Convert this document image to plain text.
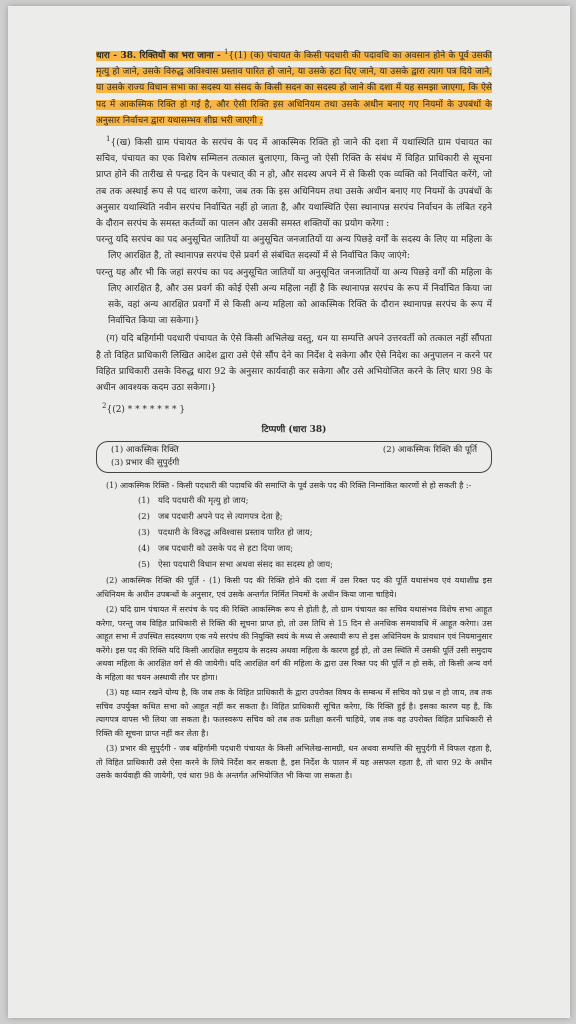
धारा - 38. रिक्तियों का भरा जाना - $^1${(1) (क) पंचायत के किसी पदधारी की पदावधि का अवसान होने के पूर्व उसकी मृत्यु हो जाने, उसके विरुद्ध अविश्वास प्रस्ताव पारित हो जाने, या उसके हटा दिए जाने, या उसके द्वारा त्याग पत्र दिये जाने, या उसके राज्य विधान सभा का सदस्य या संसद के किसी सदन का सदस्य हो जाने की दशा में यह समझा जाएगा, कि ऐसे पद में आकस्मिक रिक्ति हो गई है, और ऐसी रिक्ति इस अधिनियम तथा उसके अधीन बनाए गए नियमों के उपबंधों के अनुसार निर्वाचन द्वारा यथासम्भव शीघ्र भरी जाएगी ;

$^1${(ख) किसी ग्राम पंचायत के सरपंच के पद में आकस्मिक रिक्ति हो जाने की दशा में यथास्थिति ग्राम पंचायत का सचिव, पंचायत का एक विशेष सम्मिलन तत्काल बुलाएगा, किन्तु जो ऐसी रिक्ति के संबंध में विहित प्राधिकारी से सूचना प्राप्त होने की तारीख से पन्द्रह दिन के पश्चात् की न हो, और सदस्य अपने में से किसी एक व्यक्ति को निर्वाचित करेंगे, जो तब तक अस्थाई रूप से पद धारण करेगा, जब तक कि इस अधिनियम तथा उसके अधीन बनाए गए नियमों के उपबंधों के अनुसार यथास्थिति नवीन सरपंच निर्वाचित नहीं हो जाता है, और यथास्थिति ऐसा स्थानापन्न सरपंच निर्वाचन के लंबित रहने के दौरान सरपंच के समस्त कर्तव्यों का पालन और उसकी समस्त शक्तियों का प्रयोग करेगा :

परन्तु यदि सरपंच का पद अनुसूचित जातियों या अनुसूचित जनजातियों या अन्य पिछड़े वर्गों के सदस्य के लिए या महिला के लिए आरक्षित है, तो स्थानापन्न सरपंच ऐसे प्रवर्ग से संबंधित सदस्यों में से निर्वाचित किए जाएंगे:

परन्तु यह और भी कि जहां सरपंच का पद अनुसूचित जातियों या अनुसूचित जनजातियों या अन्य पिछड़े वर्गों की महिला के लिए आरक्षित है, और उस प्रवर्ग की कोई ऐसी अन्य महिला नहीं है कि स्थानापन्न सरपंच के रूप में निर्वाचित किया जा सके, वहां अन्य आरक्षित प्रवर्गों में से किसी अन्य महिला को आकस्मिक रिक्ति के दौरान स्थानापन्न सरपंच के रूप में निर्वाचित किया जा सकेगा।}

(ग) यदि बहिर्गामी पदधारी पंचायत के ऐसे किसी अभिलेख वस्तु, धन या सम्पत्ति अपने उत्तरवर्ती को तत्काल नहीं सौंपता है तो विहित प्राधिकारी लिखित आदेश द्वारा उसे ऐसे सौंप देने का निर्देश दे सकेगा और ऐसे निदेश का अनुपालन न करने पर विहित प्राधिकारी उसके विरुद्ध धारा 92 के अनुसार कार्यवाही कर सकेगा और उसे अभियोजित करने के लिए धारा 98 के अधीन आवश्यक कदम उठा सकेगा।}

$^2${(2) * * * * * * * }

टिप्पणी (धारा 38)
(1) आकस्मिक रिक्ति	(2) आकस्मिक रिक्ति की पूर्ति
(3) प्रभार की सुपुर्दगी

(1) आकस्मिक रिक्ति - किसी पदधारी की पदावधि की समाप्ति के पूर्व उसके पद की रिक्ति निम्नांकित कारणों से हो सकती है :-

(1) यदि पदधारी की मृत्यु हो जाय;
(2) जब पदधारी अपने पद से त्यागपत्र देता है;
(3) पदधारी के विरुद्ध अविश्वास प्रस्ताव पारित हो जाय;
(4) जब पदधारी को उसके पद से हटा दिया जाय;
(5) ऐसा पदधारी विधान सभा अथवा संसद का सदस्य हो जाय;

(2) आकस्मिक रिक्ति की पूर्ति - (1) किसी पद की रिक्ति होने की दशा में उस रिक्त पद की पूर्ति यथासंभव एवं यथाशीघ्र इस अधिनियम के अधीन उपबन्धों के अनुसार, एवं उसके अन्तर्गत निर्मित नियमों के अधीन किया जाना चाहिये।

(2) यदि ग्राम पंचायत में सरपंच के पद की रिक्ति आकस्मिक रूप से होती है, तो ग्राम पंचायत का सचिव यथासंभव विशेष सभा आहूत करेगा, परन्तु जब विहित प्राधिकारी से रिक्ति की सूचना प्राप्त हो, तो उस तिथि से 15 दिन से अनधिक समयावधि में आहूत करेगा। उस आहूत सभा में उपस्थित सदस्यगण एक नये सरपंच की नियुक्ति स्वयं के मध्य से अस्थायी रूप से इस अधिनियम के प्रावधान एवं नियमानुसार करेंगे। इस पद की रिक्ति यदि किसी आरक्षित समुदाय के सदस्य अथवा महिला के कारण हुई हो, तो उस स्थिति में उसकी पूर्ति उसी समुदाय अथवा महिला के आरक्षित वर्ग से की जायेगी। यदि आरक्षित वर्ग की महिला के द्वारा उस रिक्त पद की पूर्ति न हो सके, तो किसी अन्य वर्ग के महिला का चयन अस्थायी तौर पर होगा।

(3) यह ध्यान रखने योग्य है, कि जब तक के विहित प्राधिकारी के द्वारा उपरोक्त विषय के सम्बन्ध में सचिव को प्रश्न न हो जाय, तब तक सचिव उपर्युक्त कथित सभा को आहूत नहीं कर सकता है। विहित प्राधिकारी सूचित करेगा, कि रिक्ति हुई है। इसका कारण यह है, कि त्यागपत्र वापस भी लिया जा सकता है। फलस्वरूप सचिव को तब तक प्रतीक्षा करनी चाहिये, जब तक वह उपरोक्त विहित प्राधिकारी से रिक्ति की सूचना प्राप्त नहीं कर लेता है।

(3) प्रभार की सुपुर्दगी - जब बहिर्गामी पदधारी पंचायत के किसी अभिलेख-सामग्री, धन अथवा सम्पत्ति की सुपुर्दगी में विफल रहता है, तो विहित प्राधिकारी उसे ऐसा करने के लिये निर्देश कर सकता है, इस निर्देश के पालन में यह असफल रहता है, तो धारा 92 के अधीन उसके कार्यवाही की जायेगी, एवं धारा 98 के अन्तर्गत अभियोजित भी किया जा सकता है।
